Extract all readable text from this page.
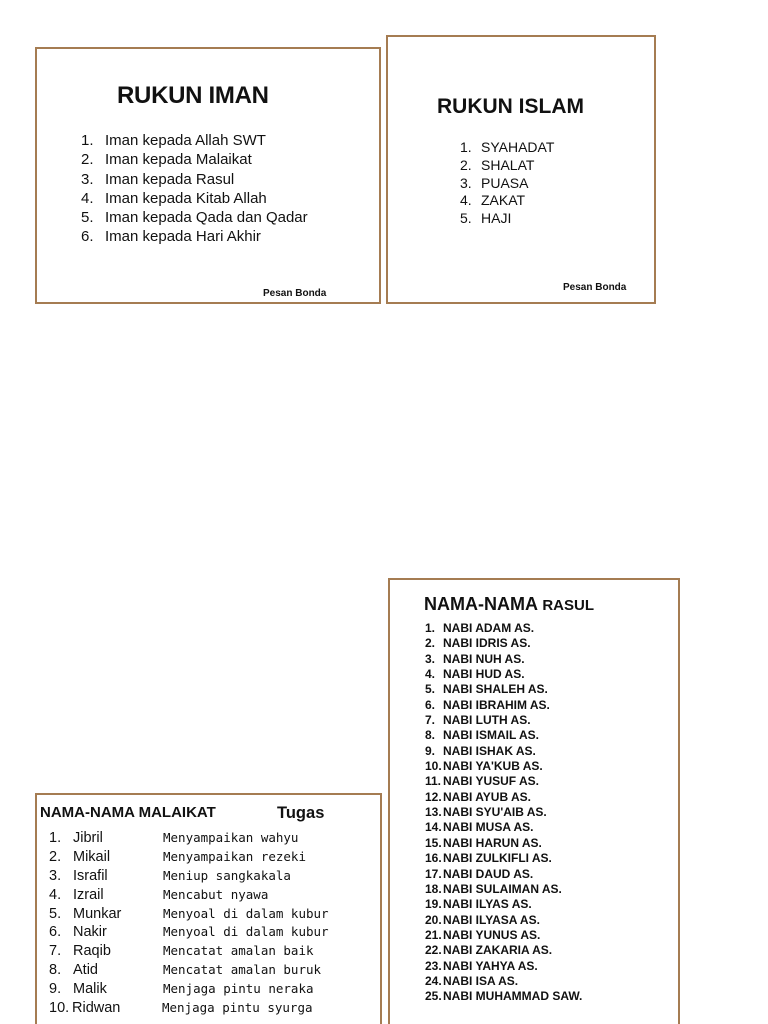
RUKUN IMAN
1. Iman kepada Allah SWT
2. Iman kepada Malaikat
3. Iman kepada Rasul
4. Iman kepada Kitab Allah
5. Iman kepada Qada dan Qadar
6. Iman kepada Hari Akhir
Pesan Bonda
RUKUN ISLAM
1. SYAHADAT
2. SHALAT
3. PUASA
4. ZAKAT
5. HAJI
Pesan Bonda
NAMA-NAMA RASUL
1. NABI ADAM AS.
2. NABI IDRIS AS.
3. NABI NUH AS.
4. NABI HUD AS.
5. NABI SHALEH AS.
6. NABI IBRAHIM AS.
7. NABI LUTH AS.
8. NABI ISMAIL AS.
9. NABI ISHAK AS.
10. NABI YA'KUB AS.
11. NABI YUSUF AS.
12. NABI AYUB AS.
13. NABI SYU'AIB AS.
14. NABI MUSA AS.
15. NABI HARUN AS.
16. NABI ZULKIFLI AS.
17. NABI DAUD AS.
18. NABI SULAIMAN AS.
19. NABI ILYAS AS.
20. NABI ILYASA AS.
21. NABI YUNUS AS.
22. NABI ZAKARIA AS.
23. NABI YAHYA AS.
24. NABI ISA AS.
25. NABI MUHAMMAD SAW.
NAMA-NAMA MALAIKAT	Tugas
1. Jibril	Menyampaikan wahyu
2. Mikail	Menyampaikan rezeki
3. Israfil	Meniup sangkakala
4. Izrail	Mencabut nyawa
5. Munkar	Menyoal di dalam kubur
6. Nakir	Menyoal di dalam kubur
7. Raqib	Mencatat amalan baik
8. Atid	Mencatat amalan buruk
9. Malik	Menjaga pintu neraka
10. Ridwan	Menjaga pintu syurga
